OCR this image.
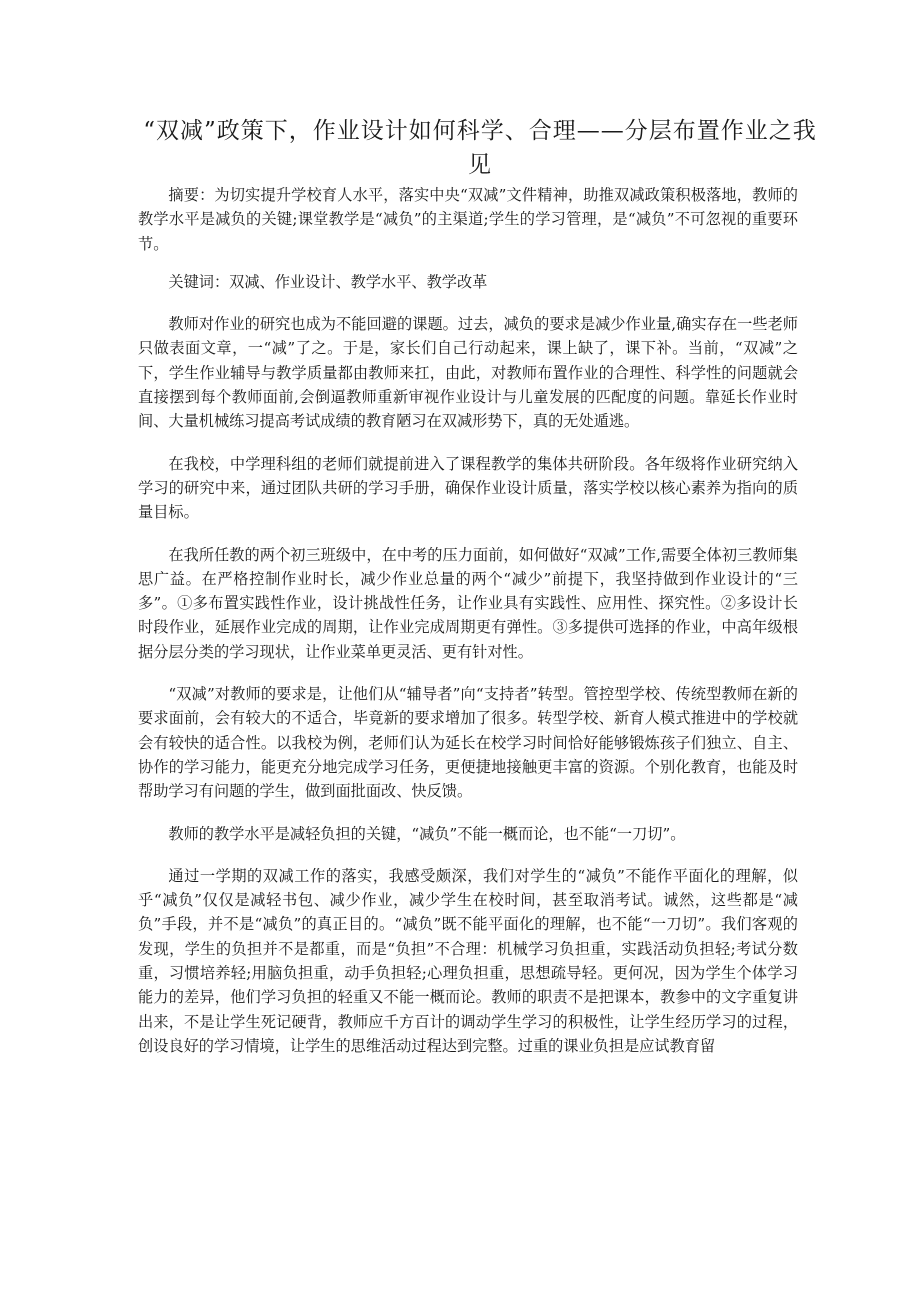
“双减”政策下，作业设计如何科学、合理——分层布置作业之我见

摘要：为切实提升学校育人水平，落实中央“双减”文件精神，助推双减政策积极落地，教师的教学水平是减负的关键;课堂教学是“减负”的主渠道;学生的学习管理，是“减负”不可忽视的重要环节。

关键词：双减、作业设计、教学水平、教学改革

教师对作业的研究也成为不能回避的课题。过去，减负的要求是减少作业量,确实存在一些老师只做表面文章，一“减”了之。于是，家长们自己行动起来，课上缺了，课下补。当前，“双减”之下，学生作业辅导与教学质量都由教师来扛，由此，对教师布置作业的合理性、科学性的问题就会直接摆到每个教师面前,会倒逼教师重新审视作业设计与儿童发展的匹配度的问题。靠延长作业时间、大量机械练习提高考试成绩的教育陋习在双减形势下，真的无处遁逃。

在我校，中学理科组的老师们就提前进入了课程教学的集体共研阶段。各年级将作业研究纳入学习的研究中来，通过团队共研的学习手册，确保作业设计质量，落实学校以核心素养为指向的质量目标。

在我所任教的两个初三班级中，在中考的压力面前，如何做好“双减”工作,需要全体初三教师集思广益。在严格控制作业时长，减少作业总量的两个“减少”前提下，我坚持做到作业设计的“三多”。①多布置实践性作业，设计挑战性任务，让作业具有实践性、应用性、探究性。②多设计长时段作业，延展作业完成的周期，让作业完成周期更有弹性。③多提供可选择的作业，中高年级根据分层分类的学习现状，让作业菜单更灵活、更有针对性。

“双减”对教师的要求是，让他们从“辅导者”向“支持者”转型。管控型学校、传统型教师在新的要求面前，会有较大的不适合，毕竟新的要求增加了很多。转型学校、新育人模式推进中的学校就会有较快的适合性。以我校为例，老师们认为延长在校学习时间恰好能够锻炼孩子们独立、自主、协作的学习能力，能更充分地完成学习任务，更便捷地接触更丰富的资源。个别化教育，也能及时帮助学习有问题的学生，做到面批面改、快反馈。

教师的教学水平是减轻负担的关键，“减负”不能一概而论，也不能“一刀切”。

通过一学期的双减工作的落实，我感受颇深，我们对学生的“减负”不能作平面化的理解，似乎“减负”仅仅是减轻书包、减少作业，减少学生在校时间，甚至取消考试。诚然，这些都是“减负”手段，并不是“减负”的真正目的。“减负”既不能平面化的理解，也不能“一刀切”。我们客观的发现，学生的负担并不是都重，而是“负担”不合理：机械学习负担重，实践活动负担轻;考试分数重，习惯培养轻;用脑负担重，动手负担轻;心理负担重，思想疏导轻。更何况，因为学生个体学习能力的差异，他们学习负担的轻重又不能一概而论。教师的职责不是把课本，教参中的文字重复讲出来，不是让学生死记硬背，教师应千方百计的调动学生学习的积极性，让学生经历学习的过程，创设良好的学习情境，让学生的思维活动过程达到完整。过重的课业负担是应试教育留
